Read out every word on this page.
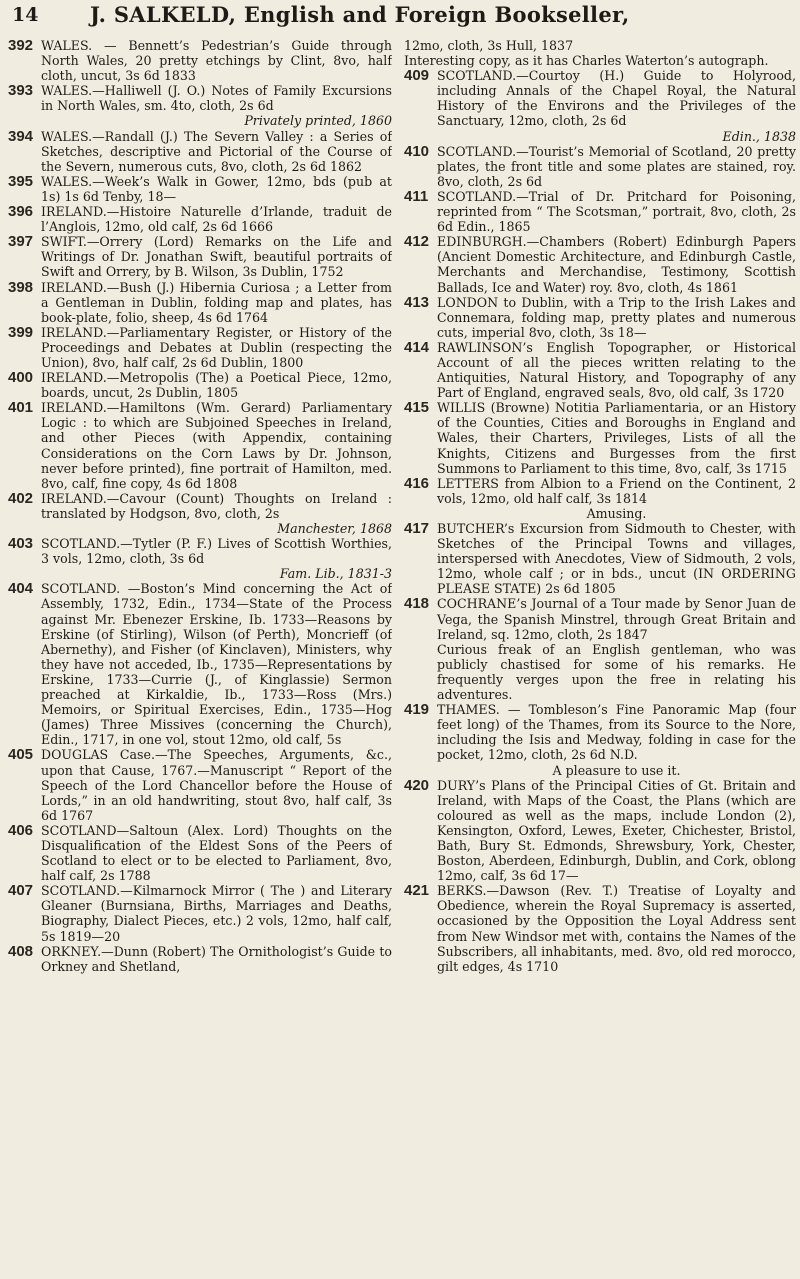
14 J. SALKELD, English and Foreign Bookseller,
392 WALES. — Bennett’s Pedestrian’s Guide through North Wales, 20 pretty etchings by Clint, 8vo, half cloth, uncut, 3s 6d 1833
393 WALES.—Halliwell (J. O.) Notes of Family Excursions in North Wales, sm. 4to, cloth, 2s 6d
Privately printed, 1860
394 WALES.—Randall (J.) The Severn Valley : a Series of Sketches, descriptive and Pictorial of the Course of the Severn, numerous cuts, 8vo, cloth, 2s 6d 1862
395 WALES.—Week’s Walk in Gower, 12mo, bds (pub at 1s) 1s 6d Tenby, 18—
396 IRELAND.—Histoire Naturelle d’Irlande, traduit de l’Anglois, 12mo, old calf, 2s 6d 1666
397 SWIFT.—Orrery (Lord) Remarks on the Life and Writings of Dr. Jonathan Swift, beautiful portraits of Swift and Orrery, by B. Wilson, 3s Dublin, 1752
398 IRELAND.—Bush (J.) Hibernia Curiosa ; a Letter from a Gentleman in Dublin, folding map and plates, has book-plate, folio, sheep, 4s 6d 1764
399 IRELAND.—Parliamentary Register, or History of the Proceedings and Debates at Dublin (respecting the Union), 8vo, half calf, 2s 6d Dublin, 1800
400 IRELAND.—Metropolis (The) a Poetical Piece, 12mo, boards, uncut, 2s Dublin, 1805
401 IRELAND.—Hamiltons (Wm. Gerard) Parliamentary Logic : to which are Subjoined Speeches in Ireland, and other Pieces (with Appendix, containing Considerations on the Corn Laws by Dr. Johnson, never before printed), fine portrait of Hamilton, med. 8vo, calf, fine copy, 4s 6d 1808
402 IRELAND.—Cavour (Count) Thoughts on Ireland : translated by Hodgson, 8vo, cloth, 2s
Manchester, 1868
403 SCOTLAND.—Tytler (P. F.) Lives of Scottish Worthies, 3 vols, 12mo, cloth, 3s 6d
Fam. Lib., 1831-3
404 SCOTLAND. —Boston’s Mind concerning the Act of Assembly, 1732, Edin., 1734—State of the Process against Mr. Ebenezer Erskine, Ib. 1733—Reasons by Erskine (of Stirling), Wilson (of Perth), Moncrieff (of Abernethy), and Fisher (of Kinclaven), Ministers, why they have not acceded, Ib., 1735—Representations by Erskine, 1733—Currie (J., of Kinglassie) Sermon preached at Kirkaldie, Ib., 1733—Ross (Mrs.) Memoirs, or Spiritual Exercises, Edin., 1735—Hog (James) Three Missives (concerning the Church), Edin., 1717, in one vol, stout 12mo, old calf, 5s
405 DOUGLAS Case.—The Speeches, Arguments, &c., upon that Cause, 1767.—Manuscript “ Report of the Speech of the Lord Chancellor before the House of Lords,” in an old handwriting, stout 8vo, half calf, 3s 6d 1767
406 SCOTLAND—Saltoun (Alex. Lord) Thoughts on the Disqualification of the Eldest Sons of the Peers of Scotland to elect or to be elected to Parliament, 8vo, half calf, 2s 1788
407 SCOTLAND.—Kilmarnock Mirror ( The ) and Literary Gleaner (Burnsiana, Births, Marriages and Deaths, Biography, Dialect Pieces, etc.) 2 vols, 12mo, half calf, 5s 1819—20
408 ORKNEY.—Dunn (Robert) The Ornithologist’s Guide to Orkney and Shetland,
12mo, cloth, 3s Hull, 1837
Interesting copy, as it has Charles Waterton’s autograph.
409 SCOTLAND.—Courtoy (H.) Guide to Holyrood, including Annals of the Chapel Royal, the Natural History of the Environs and the Privileges of the Sanctuary, 12mo, cloth, 2s 6d
Edin., 1838
410 SCOTLAND.—Tourist’s Memorial of Scotland, 20 pretty plates, the front title and some plates are stained, roy. 8vo, cloth, 2s 6d
411 SCOTLAND.—Trial of Dr. Pritchard for Poisoning, reprinted from “ The Scotsman,” portrait, 8vo, cloth, 2s 6d Edin., 1865
412 EDINBURGH.—Chambers (Robert) Edinburgh Papers (Ancient Domestic Architecture, and Edinburgh Castle, Merchants and Merchandise, Testimony, Scottish Ballads, Ice and Water) roy. 8vo, cloth, 4s 1861
413 LONDON to Dublin, with a Trip to the Irish Lakes and Connemara, folding map, pretty plates and numerous cuts, imperial 8vo, cloth, 3s 18—
414 RAWLINSON’s English Topographer, or Historical Account of all the pieces written relating to the Antiquities, Natural History, and Topography of any Part of England, engraved seals, 8vo, old calf, 3s 1720
415 WILLIS (Browne) Notitia Parliamentaria, or an History of the Counties, Cities and Boroughs in England and Wales, their Charters, Privileges, Lists of all the Knights, Citizens and Burgesses from the first Summons to Parliament to this time, 8vo, calf, 3s 1715
416 LETTERS from Albion to a Friend on the Continent, 2 vols, 12mo, old half calf, 3s 1814
Amusing.
417 BUTCHER’s Excursion from Sidmouth to Chester, with Sketches of the Principal Towns and villages, interspersed with Anecdotes, View of Sidmouth, 2 vols, 12mo, whole calf ; or in bds., uncut (IN ORDERING PLEASE STATE) 2s 6d 1805
418 COCHRANE’s Journal of a Tour made by Senor Juan de Vega, the Spanish Minstrel, through Great Britain and Ireland, sq. 12mo, cloth, 2s 1847
Curious freak of an English gentleman, who was publicly chastised for some of his remarks. He frequently verges upon the free in relating his adventures.
419 THAMES. — Tombleson’s Fine Panoramic Map (four feet long) of the Thames, from its Source to the Nore, including the Isis and Medway, folding in case for the pocket, 12mo, cloth, 2s 6d N.D.
A pleasure to use it.
420 DURY’s Plans of the Principal Cities of Gt. Britain and Ireland, with Maps of the Coast, the Plans (which are coloured as well as the maps, include London (2), Kensington, Oxford, Lewes, Exeter, Chichester, Bristol, Bath, Bury St. Edmonds, Shrewsbury, York, Chester, Boston, Aberdeen, Edinburgh, Dublin, and Cork, oblong 12mo, calf, 3s 6d 17—
421 BERKS.—Dawson (Rev. T.) Treatise of Loyalty and Obedience, wherein the Royal Supremacy is asserted, occasioned by the Opposition the Loyal Address sent from New Windsor met with, contains the Names of the Subscribers, all inhabitants, med. 8vo, old red morocco, gilt edges, 4s 1710
